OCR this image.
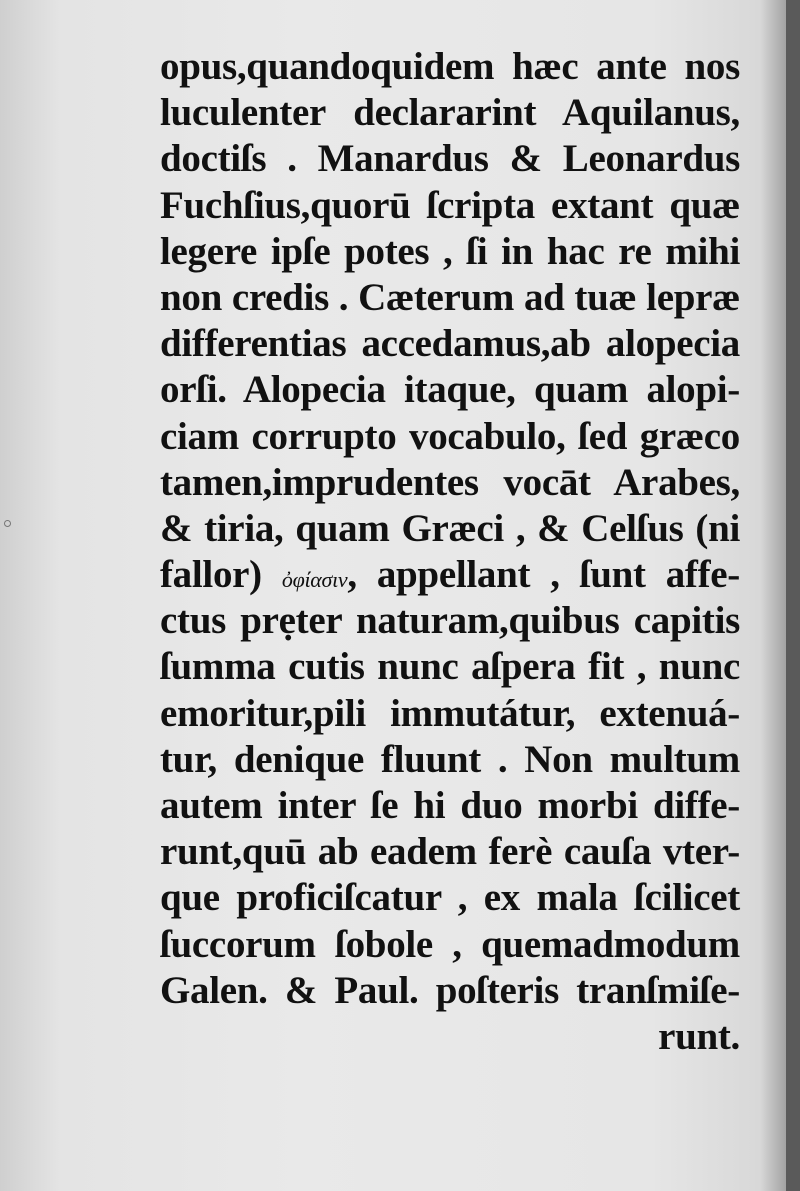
opus,quandoquidem hæc ante nos
luculenter declararint Aquilanus,
doctiſs . Manardus & Leonardus
Fuchſius,quorū ſcripta extant quæ
legere ipſe potes , ſi in hac re mihi
non credis . Cæterum ad tuæ lepræ
differentias accedamus,ab alopecia
orſi. Alopecia itaque, quam alopi-
ciam corrupto vocabulo, ſed græco
tamen,imprudentes vocāt Arabes,
& tiria, quam Græci , & Celſus (ni
fallor) ὀφίασιν, appellant , ſunt affe-
ctus prẹter naturam,quibus capitis
ſumma cutis nunc aſpera fit , nunc
emoritur,pili immutátur, extenuá-
tur, denique fluunt . Non multum
autem inter ſe hi duo morbi diffe-
runt,quū ab eadem ferè cauſa vter-
que proficiſcatur , ex mala ſcilicet
ſuccorum ſobole , quemadmodum
Galen. & Paul. poſteris tranſmiſe-
runt.
